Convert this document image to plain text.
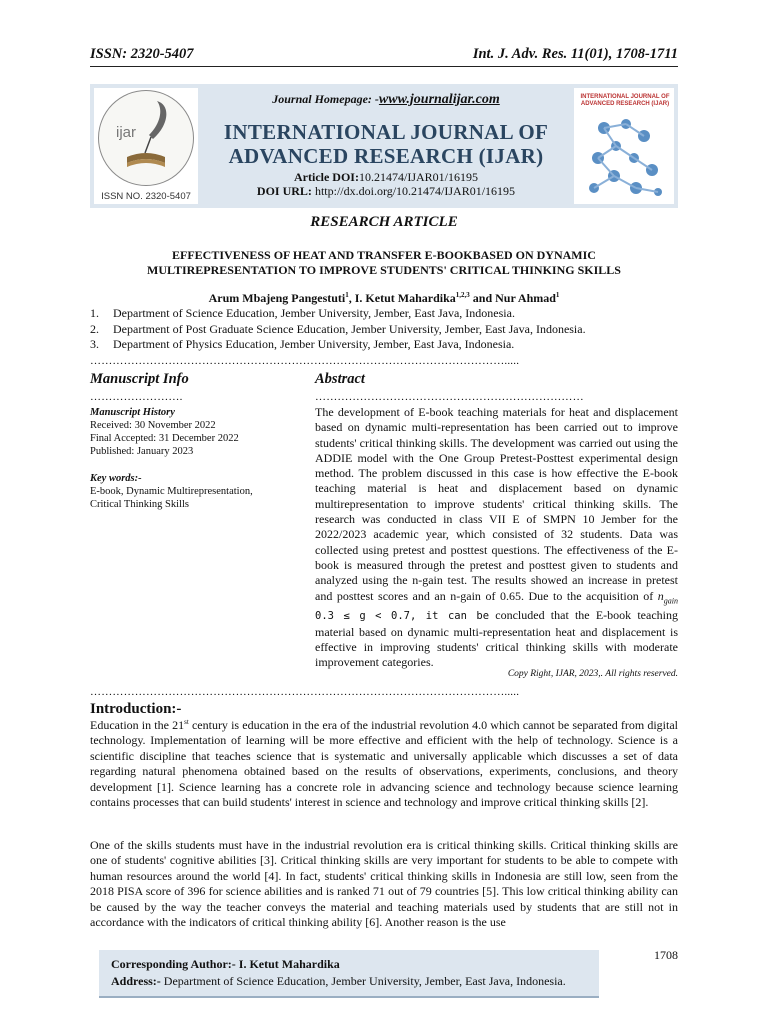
ISSN: 2320-5407	Int. J. Adv. Res. 11(01), 1708-1711
ijar
ISSN NO. 2320-5407
Journal Homepage: -www.journalijar.com
INTERNATIONAL JOURNAL OF
ADVANCED RESEARCH (IJAR)
Article DOI:10.21474/IJAR01/16195
DOI URL: http://dx.doi.org/10.21474/IJAR01/16195
INTERNATIONAL JOURNAL OF ADVANCED RESEARCH (IJAR)
RESEARCH ARTICLE
EFFECTIVENESS OF HEAT AND TRANSFER E-BOOKBASED ON DYNAMIC
MULTIREPRESENTATION TO IMPROVE STUDENTS' CRITICAL THINKING SKILLS
Arum Mbajeng Pangestuti$^1$, I. Ketut Mahardika$^{1,2,3}$ and Nur Ahmad$^1$
1. Department of Science Education, Jember University, Jember, East Java, Indonesia.
2. Department of Post Graduate Science Education, Jember University, Jember, East Java, Indonesia.
3. Department of Physics Education, Jember University, Jember, East Java, Indonesia.
………………………………………………………………………………………………….....
Manuscript Info	Abstract
…………………….	………………………………………………………………
Manuscript History
Received: 30 November 2022
Final Accepted: 31 December 2022
Published: January 2023
Key words:-
E-book, Dynamic Multirepresentation,
Critical Thinking Skills
The development of E-book teaching materials for heat and displacement based on dynamic multi-representation has been carried out to improve students' critical thinking skills. The development was carried out using the ADDIE model with the One Group Pretest-Posttest experimental design method. The problem discussed in this case is how effective the E-book teaching material is heat and displacement based on dynamic multirepresentation to improve students' critical thinking skills. The research was conducted in class VII E of SMPN 10 Jember for the 2022/2023 academic year, which consisted of 32 students. Data was collected using pretest and posttest questions. The effectiveness of the E-book is measured through the pretest and posttest given to students and analyzed using the n-gain test. The results showed an increase in pretest and posttest scores and an n-gain of 0.65. Due to the acquisition of $n_{gain}$ 0.3 ≤ g < 0.7, it can be concluded that the E-book teaching material based on dynamic multi-representation heat and displacement is effective in improving students' critical thinking skills with moderate improvement categories.
Copy Right, IJAR, 2023,. All rights reserved.
………………………………………………………………………………………………….....
Introduction:-
Education in the 21st century is education in the era of the industrial revolution 4.0 which cannot be separated from digital technology. Implementation of learning will be more effective and efficient with the help of technology. Science is a scientific discipline that teaches science that is systematic and universally applicable which discusses a set of data regarding natural phenomena obtained based on the results of observations, experiments, conclusions, and theory development [1]. Science learning has a concrete role in advancing science and technology because science learning contains processes that can build students' interest in science and technology and improve critical thinking skills [2].
One of the skills students must have in the industrial revolution era is critical thinking skills. Critical thinking skills are one of students' cognitive abilities [3]. Critical thinking skills are very important for students to be able to compete with human resources around the world [4]. In fact, students' critical thinking skills in Indonesia are still low, seen from the 2018 PISA score of 396 for science abilities and is ranked 71 out of 79 countries [5]. This low critical thinking ability can be caused by the way the teacher conveys the material and teaching materials used by students that are still not in accordance with the indicators of critical thinking ability [6]. Another reason is the use
1708
Corresponding Author:- I. Ketut Mahardika
Address:- Department of Science Education, Jember University, Jember, East Java, Indonesia.
